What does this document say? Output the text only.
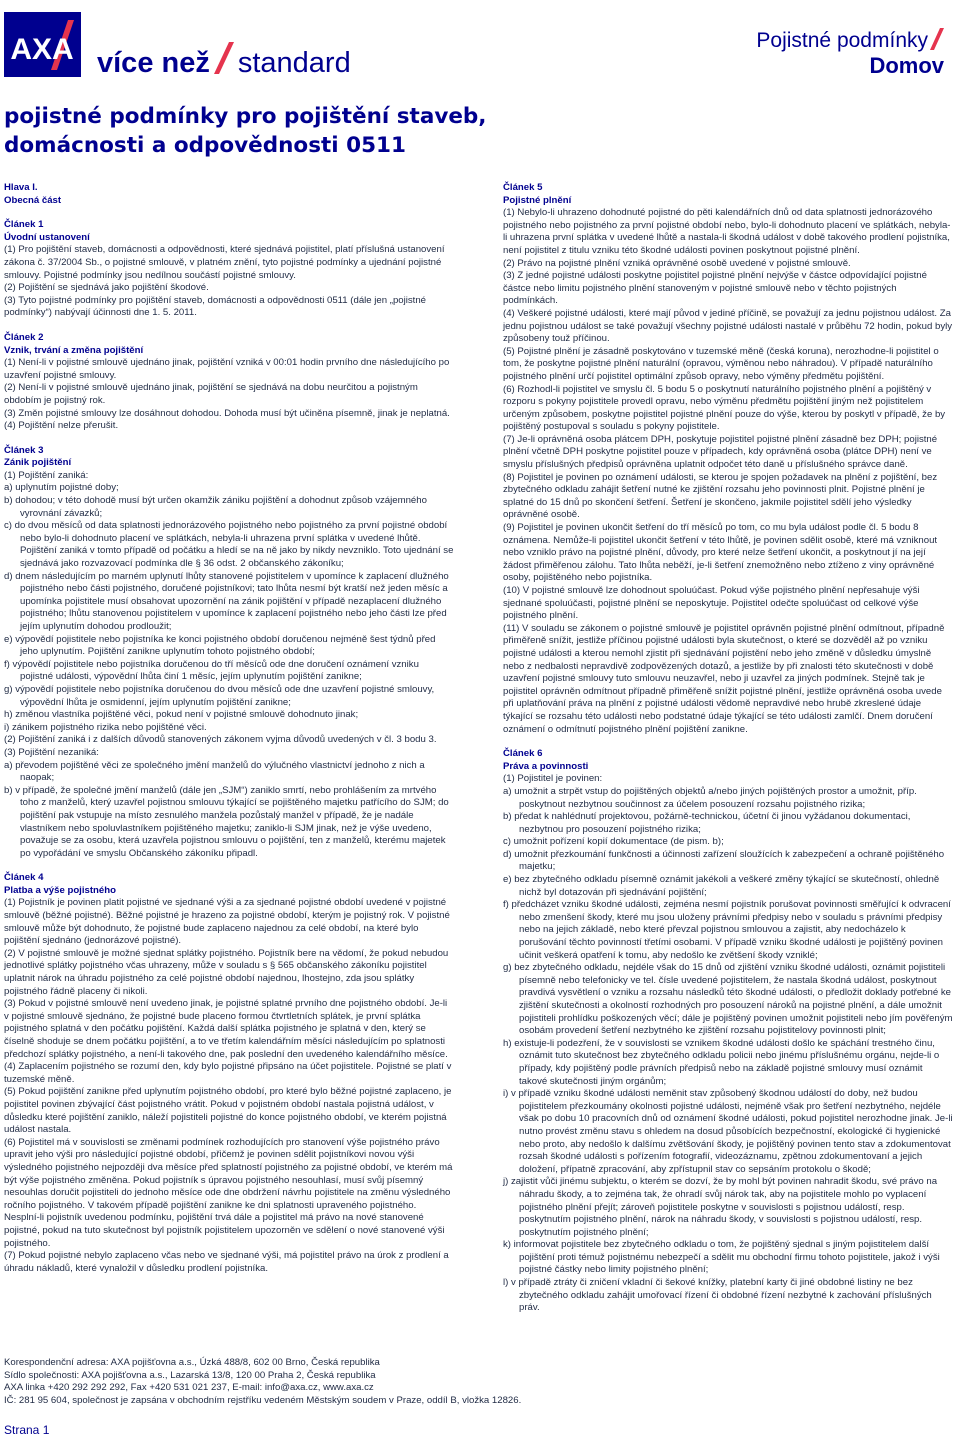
AXA více než standard
Pojistné podmínky
Domov
pojistné podmínky pro pojištění staveb,
domácnosti a odpovědnosti 0511

Hlava I.

Obecná část

Článek 1

Úvodní ustanovení

(1) Pro pojištění staveb, domácnosti a odpovědnosti, které sjednává pojistitel, platí příslušná ustanovení zákona č. 37/2004 Sb., o pojistné smlouvě, v platném znění, tyto pojistné podmínky a ujednání pojistné smlouvy. Pojistné podmínky jsou nedílnou součástí pojistné smlouvy.

(2) Pojištění se sjednává jako pojištění škodové.

(3) Tyto pojistné podmínky pro pojištění staveb, domácnosti a odpovědnosti 0511 (dále jen „pojistné podmínky“) nabývají účinnosti dne 1. 5. 2011.

Článek 2

Vznik, trvání a změna pojištění

(1) Není-li v pojistné smlouvě ujednáno jinak, pojištění vzniká v 00:01 hodin prvního dne následujícího po uzavření pojistné smlouvy.

(2) Není-li v pojistné smlouvě ujednáno jinak, pojištění se sjednává na dobu neurčitou a pojistným obdobím je pojistný rok.

(3) Změn pojistné smlouvy lze dosáhnout dohodou. Dohoda musí být učiněna písemně, jinak je neplatná.

(4) Pojištění nelze přerušit.

Článek 3

Zánik pojištění

(1) Pojištění zaniká:

a) uplynutím pojistné doby;

b) dohodou; v této dohodě musí být určen okamžik zániku pojištění a dohodnut způsob vzájemného vyrovnání závazků;

c) do dvou měsíců od data splatnosti jednorázového pojistného nebo pojistného za první pojistné období nebo bylo-li dohodnuto placení ve splátkách, nebyla-li uhrazena první splátka v uvedené lhůtě. Pojištění zaniká v tomto případě od počátku a hledí se na ně jako by nikdy nevzniklo. Toto ujednání se sjednává jako rozvazovací podmínka dle § 36 odst. 2 občanského zákoníku;

d) dnem následujícím po marném uplynutí lhůty stanovené pojistitelem v upomínce k zaplacení dlužného pojistného nebo části pojistného, doručené pojistníkovi; tato lhůta nesmí být kratší než jeden měsíc a upomínka pojistitele musí obsahovat upozornění na zánik pojištění v případě nezaplacení dlužného pojistného; lhůtu stanovenou pojistitelem v upomínce k zaplacení pojistného nebo jeho části lze před jejím uplynutím dohodou prodloužit;

e) výpovědí pojistitele nebo pojistníka ke konci pojistného období doručenou nejméně šest týdnů před jeho uplynutím. Pojištění zanikne uplynutím tohoto pojistného období;

f) výpovědí pojistitele nebo pojistníka doručenou do tří měsíců ode dne doručení oznámení vzniku pojistné události, výpovědní lhůta činí 1 měsíc, jejím uplynutím pojištění zanikne;

g) výpovědí pojistitele nebo pojistníka doručenou do dvou měsíců ode dne uzavření pojistné smlouvy, výpovědní lhůta je osmidenní, jejím uplynutím pojištění zanikne;

h) změnou vlastníka pojištěné věci, pokud není v pojistné smlouvě dohodnuto jinak;

i) zánikem pojistného rizika nebo pojištěné věci.

(2) Pojištění zaniká i z dalších důvodů stanovených zákonem vyjma důvodů uvedených v čl. 3 bodu 3.

(3) Pojištění nezaniká:

a) převodem pojištěné věci ze společného jmění manželů do výlučného vlastnictví jednoho z nich a naopak;

b) v případě, že společné jmění manželů (dále jen „SJM“) zaniklo smrtí, nebo prohlášením za mrtvého toho z manželů, který uzavřel pojistnou smlouvu týkající se pojištěného majetku patřícího do SJM; do pojištění pak vstupuje na místo zesnulého manžela pozůstalý manžel v případě, že je nadále vlastníkem nebo spoluvlastníkem pojištěného majetku; zaniklo-li SJM jinak, než je výše uvedeno, považuje se za osobu, která uzavřela pojistnou smlouvu o pojištění, ten z manželů, kterému majetek po vypořádání ve smyslu Občanského zákoníku připadl.

Článek 4

Platba a výše pojistného

(1) Pojistník je povinen platit pojistné ve sjednané výši a za sjednané pojistné období uvedené v pojistné smlouvě (běžné pojistné). Běžné pojistné je hrazeno za pojistné období, kterým je pojistný rok. V pojistné smlouvě může být dohodnuto, že pojistné bude zaplaceno najednou za celé období, na které bylo pojištění sjednáno (jednorázové pojistné).

(2) V pojistné smlouvě je možné sjednat splátky pojistného. Pojistník bere na vědomí, že pokud nebudou jednotlivé splátky pojistného včas uhrazeny, může v souladu s § 565 občanského zákoníku pojistitel uplatnit nárok na úhradu pojistného za celé pojistné období najednou, lhostejno, zda jsou splátky pojistného řádně placeny či nikoli.

(3) Pokud v pojistné smlouvě není uvedeno jinak, je pojistné splatné prvního dne pojistného období. Je-li v pojistné smlouvě sjednáno, že pojistné bude placeno formou čtvrtletních splátek, je první splátka pojistného splatná v den počátku pojištění. Každá další splátka pojistného je splatná v den, který se číselně shoduje se dnem počátku pojištění, a to ve třetím kalendářním měsíci následujícím po splatnosti předchozí splátky pojistného, a není-li takového dne, pak poslední den uvedeného kalendářního měsíce.

(4) Zaplacením pojistného se rozumí den, kdy bylo pojistné připsáno na účet pojistitele. Pojistné se platí v tuzemské měně.

(5) Pokud pojištění zanikne před uplynutím pojistného období, pro které bylo běžné pojistné zaplaceno, je pojistitel povinen zbývající část pojistného vrátit. Pokud v pojistném období nastala pojistná událost, v důsledku které pojištění zaniklo, náleží pojistiteli pojistné do konce pojistného období, ve kterém pojistná událost nastala.

(6) Pojistitel má v souvislosti se změnami podmínek rozhodujících pro stanovení výše pojistného právo upravit jeho výši pro následující pojistné období, přičemž je povinen sdělit pojistníkovi novou výši výsledného pojistného nejpozději dva měsíce před splatností pojistného za pojistné období, ve kterém má být výše pojistného změněna. Pokud pojistník s úpravou pojistného nesouhlasí, musí svůj písemný nesouhlas doručit pojistiteli do jednoho měsíce ode dne obdržení návrhu pojistitele na změnu výsledného ročního pojistného. V takovém případě pojištění zanikne ke dni splatnosti upraveného pojistného. Nesplní-li pojistník uvedenou podmínku, pojištění trvá dále a pojistitel má právo na nové stanovené pojistné, pokud na tuto skutečnost byl pojistník pojistitelem upozorněn ve sdělení o nové stanovené výši pojistného.

(7) Pokud pojistné nebylo zaplaceno včas nebo ve sjednané výši, má pojistitel právo na úrok z prodlení a úhradu nákladů, které vynaložil v důsledku prodlení pojistníka.

Článek 5

Pojistné plnění

(1) Nebylo-li uhrazeno dohodnuté pojistné do pěti kalendářních dnů od data splatnosti jednorázového pojistného nebo pojistného za první pojistné období nebo, bylo-li dohodnuto placení ve splátkách, nebyla-li uhrazena první splátka v uvedené lhůtě a nastala-li škodná událost v době takového prodlení pojistníka, není pojistitel z titulu vzniku této škodné události povinen poskytnout pojistné plnění.

(2) Právo na pojistné plnění vzniká oprávněné osobě uvedené v pojistné smlouvě.

(3) Z jedné pojistné události poskytne pojistitel pojistné plnění nejvýše v částce odpovídající pojistné částce nebo limitu pojistného plnění stanoveným v pojistné smlouvě nebo v těchto pojistných podmínkách.

(4) Veškeré pojistné události, které mají původ v jediné příčině, se považují za jednu pojistnou událost. Za jednu pojistnou událost se také považují všechny pojistné události nastalé v průběhu 72 hodin, pokud byly způsobeny touž příčinou.

(5) Pojistné plnění je zásadně poskytováno v tuzemské měně (česká koruna), nerozhodne-li pojistitel o tom, že poskytne pojistné plnění naturální (opravou, výměnou nebo náhradou). V případě naturálního pojistného plnění určí pojistitel optimální způsob opravy, nebo výměny předmětu pojištění.

(6) Rozhodl-li pojistitel ve smyslu čl. 5 bodu 5 o poskytnutí naturálního pojistného plnění a pojištěný v rozporu s pokyny pojistitele provedl opravu, nebo výměnu předmětu pojištění jiným než pojistitelem určeným způsobem, poskytne pojistitel pojistné plnění pouze do výše, kterou by poskytl v případě, že by pojištěný postupoval s souladu s pokyny pojistitele.

(7) Je-li oprávněná osoba plátcem DPH, poskytuje pojistitel pojistné plnění zásadně bez DPH; pojistné plnění včetně DPH poskytne pojistitel pouze v případech, kdy oprávněná osoba (plátce DPH) není ve smyslu příslušných předpisů oprávněna uplatnit odpočet této daně u příslušného správce daně.

(8) Pojistitel je povinen po oznámení události, se kterou je spojen požadavek na plnění z pojištění, bez zbytečného odkladu zahájit šetření nutné ke zjištění rozsahu jeho povinnosti plnit. Pojistné plnění je splatné do 15 dnů po skončení šetření. Šetření je skončeno, jakmile pojistitel sdělí jeho výsledky oprávněné osobě.

(9) Pojistitel je povinen ukončit šetření do tří měsíců po tom, co mu byla událost podle čl. 5 bodu 8 oznámena. Nemůže-li pojistitel ukončit šetření v této lhůtě, je povinen sdělit osobě, které má vzniknout nebo vzniklo právo na pojistné plnění, důvody, pro které nelze šetření ukončit, a poskytnout jí na její žádost přiměřenou zálohu. Tato lhůta neběží, je-li šetření znemožněno nebo ztíženo z viny oprávněné osoby, pojištěného nebo pojistníka.

(10) V pojistné smlouvě lze dohodnout spoluúčast. Pokud výše pojistného plnění nepřesahuje výši sjednané spoluúčasti, pojistné plnění se neposkytuje. Pojistitel odečte spoluúčast od celkové výše pojistného plnění.

(11) V souladu se zákonem o pojistné smlouvě je pojistitel oprávněn pojistné plnění odmítnout, případně přiměřeně snížit, jestliže příčinou pojistné události byla skutečnost, o které se dozvěděl až po vzniku pojistné události a kterou nemohl zjistit při sjednávání pojistění nebo jeho změně v důsledku úmyslně nebo z nedbalosti nepravdivě zodpovězených dotazů, a jestliže by při znalosti této skutečnosti v době uzavření pojistné smlouvy tuto smlouvu neuzavřel, nebo ji uzavřel za jiných podmínek. Stejně tak je pojistitel oprávněn odmítnout případně přiměřeně snížit pojistné plnění, jestliže oprávněná osoba uvede při uplatňování práva na plnění z pojistné události vědomě nepravdivé nebo hrubě zkreslené údaje týkající se rozsahu této události nebo podstatné údaje týkající se této události zamlčí. Dnem doručení oznámení o odmítnutí pojistného plnění pojištění zanikne.

Článek 6

Práva a povinnosti

(1) Pojistitel je povinen:

a) umožnit a strpět vstup do pojištěných objektů a/nebo jiných pojištěných prostor a umožnit, příp. poskytnout nezbytnou součinnost za účelem posouzení rozsahu pojistného rizika;

b) předat k nahlédnutí projektovou, požárně-technickou, účetní či jinou vyžádanou dokumentaci, nezbytnou pro posouzení pojistného rizika;

c) umožnit pořízení kopií dokumentace (de pism. b);

d) umožnit přezkoumání funkčnosti a účinnosti zařízení sloužících k zabezpečení a ochraně pojištěného majetku;

e) bez zbytečného odkladu písemně oznámit jakékoli a veškeré změny týkající se skutečností, ohledně nichž byl dotazován při sjednávání pojištění;

f) předcházet vzniku škodné události, zejména nesmí pojistník porušovat povinnosti směřující k odvracení nebo zmenšení škody, které mu jsou uloženy právními předpisy nebo v souladu s právními předpisy nebo na jejich základě, nebo které převzal pojistnou smlouvou a zajistit, aby nedocházelo k porušování těchto povinností třetími osobami. V případě vzniku škodné události je pojištěný povinen učinit veškerá opatření k tomu, aby nedošlo ke zvětšení škody vzniklé;

g) bez zbytečného odkladu, nejdéle však do 15 dnů od zjištění vzniku škodné události, oznámit pojistiteli písemně nebo telefonicky ve tel. čísle uvedené pojistitelem, že nastala škodná událost, poskytnout pravdivá vysvětlení o vzniku a rozsahu následků této škodné události, o předložit doklady potřebné ke zjištění skutečnosti a okolností rozhodných pro posouzení nároků na pojistné plnění, a dále umožnit pojistiteli prohlídku poškozených věcí; dále je pojištěný povinen umožnit pojistiteli nebo jím pověřeným osobám provedení šetření nezbytného ke zjištění rozsahu pojistitelovy povinnosti plnit;

h) existuje-li podezření, že v souvislosti se vznikem škodné události došlo ke spáchání trestného činu, oznámit tuto skutečnost bez zbytečného odkladu policii nebo jinému příslušnému orgánu, nejde-li o případy, kdy pojištěný podle právních předpisů nebo na základě pojistné smlouvy musí oznámit takové skutečnosti jiným orgánům;

i) v případě vzniku škodné události neměnit stav způsobený škodnou událostí do doby, než budou pojistitelem přezkoumány okolnosti pojistné události, nejméně však pro šetření nezbytného, nejdéle však po dobu 10 pracovních dnů od oznámení škodné události, pokud pojistitel nerozhodne jinak. Je-li nutno provést změnu stavu s ohledem na dosud působících bezpečnostní, ekologické či hygienické nebo proto, aby nedošlo k dalšímu zvětšování škody, je pojištěný povinen tento stav a zdokumentovat rozsah škodné události s pořízením fotografií, videozáznamu, zpětnou zdokumentovaní a jejich doložení, přípatně zpracování, aby zpřístupnil stav co sepsáním protokolu o škodě;

j) zajistit vůči jinému subjektu, o kterém se dozví, že by mohl být povinen nahradit škodu, své právo na náhradu škody, a to zejména tak, že ohradí svůj nárok tak, aby na pojistitele mohlo po vyplacení pojistného plnění přejít; zároveň pojistitele poskytne v souvislosti s pojistnou událostí, resp. poskytnutím pojistného plnění, nárok na náhradu škody, v souvislosti s pojistnou událostí, resp. poskytnutím pojistného plnění;

k) informovat pojistitele bez zbytečného odkladu o tom, že pojištěný sjednal s jiným pojistitelem další pojištění proti témuž pojistnému nebezpečí a sdělit mu obchodní firmu tohoto pojistitele, jakož i výši pojistné částky nebo limity pojistného plnění;

l) v případě ztráty či zničení vkladní či šekové knížky, platební karty či jiné obdobné listiny ne bez zbytečného odkladu zahájit umořovací řízení či obdobné řízení nezbytné k zachování příslušných práv.

Korespondenční adresa: AXA pojišťovna a.s., Úzká 488/8, 602 00 Brno, Česká republika
Sídlo společnosti: AXA pojišťovna a.s., Lazarská 13/8, 120 00 Praha 2, Česká republika
AXA linka +420 292 292 292, Fax +420 531 021 237, E-mail: info@axa.cz, www.axa.cz
IČ: 281 95 604, společnost je zapsána v obchodním rejstříku vedeném Městským soudem v Praze, oddíl B, vložka 12826.
Strana 1
